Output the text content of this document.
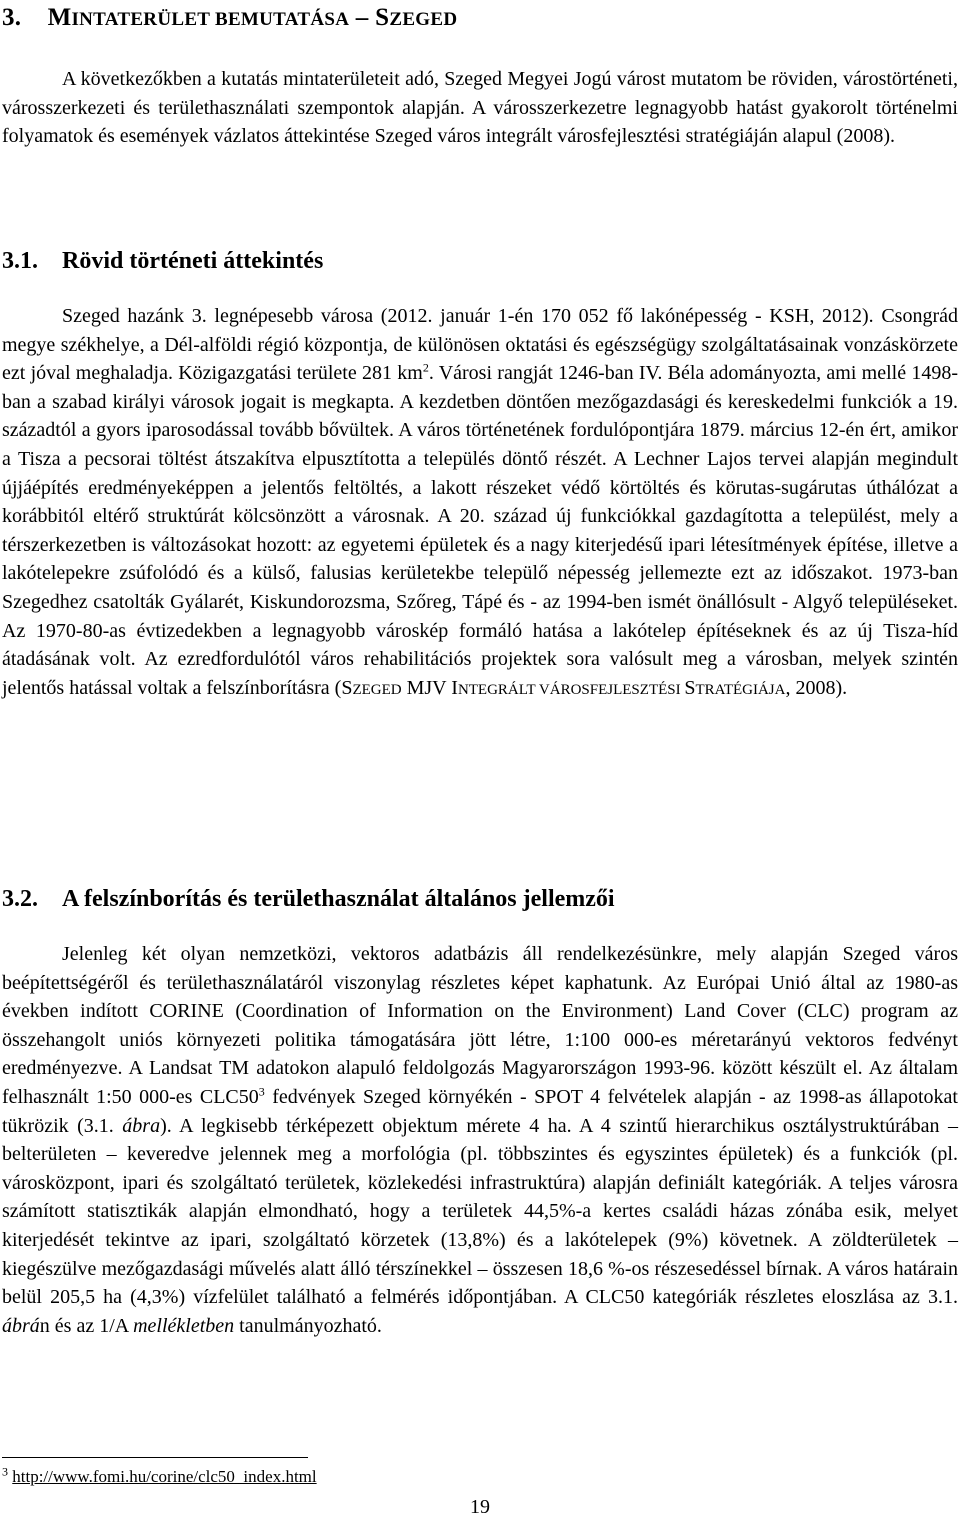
3. MINTATERÜLET BEMUTATÁSA – SZEGED

A következőkben a kutatás mintaterületeit adó, Szeged Megyei Jogú várost mutatom be röviden, várostörténeti, városszerkezeti és területhasználati szempontok alapján. A városszerkezetre legnagyobb hatást gyakorolt történelmi folyamatok és események vázlatos áttekintése Szeged város integrált városfejlesztési stratégiáján alapul (2008).

3.1. Rövid történeti áttekintés

Szeged hazánk 3. legnépesebb városa (2012. január 1-én 170 052 fő lakónépesség - KSH, 2012). Csongrád megye székhelye, a Dél-alföldi régió központja, de különösen oktatási és egészségügy szolgáltatásainak vonzáskörzete ezt jóval meghaladja. Közigazgatási területe 281 $km^2$. Városi rangját 1246-ban IV. Béla adományozta, ami mellé 1498-ban a szabad királyi városok jogait is megkapta. A kezdetben döntően mezőgazdasági és kereskedelmi funkciók a 19. századtól a gyors iparosodással tovább bővültek. A város történetének fordulópontjára 1879. március 12-én ért, amikor a Tisza a pecsorai töltést átszakítva elpusztította a település döntő részét. A Lechner Lajos tervei alapján megindult újjáépítés eredményeképpen a jelentős feltöltés, a lakott részeket védő körtöltés és körutas-sugárutas úthálózat a korábbitól eltérő struktúrát kölcsönzött a városnak. A 20. század új funkciókkal gazdagította a települést, mely a térszerkezetben is változásokat hozott: az egyetemi épületek és a nagy kiterjedésű ipari létesítmények építése, illetve a lakótelepekre zsúfolódó és a külső, falusias kerületekbe települő népesség jellemezte ezt az időszakot. 1973-ban Szegedhez csatolták Gyálarét, Kiskundorozsma, Szőreg, Tápé és - az 1994-ben ismét önállósult - Algyő településeket. Az 1970-80-as évtizedekben a legnagyobb városkép formáló hatása a lakótelep építéseknek és az új Tisza-híd átadásának volt. Az ezredfordulótól város rehabilitációs projektek sora valósult meg a városban, melyek szintén jelentős hatással voltak a felszínborításra (SZEGED MJV INTEGRÁLT VÁROSFEJLESZTÉSI STRATÉGIÁJA, 2008).

3.2. A felszínborítás és területhasználat általános jellemzői

Jelenleg két olyan nemzetközi, vektoros adatbázis áll rendelkezésünkre, mely alapján Szeged város beépítettségéről és területhasználatáról viszonylag részletes képet kaphatunk. Az Európai Unió által az 1980-as években indított CORINE (Coordination of Information on the Environment) Land Cover (CLC) program az összehangolt uniós környezeti politika támogatására jött létre, 1:100 000-es méretarányú vektoros fedvényt eredményezve. A Landsat TM adatokon alapuló feldolgozás Magyarországon 1993-96. között készült el. Az általam felhasznált 1:50 000-es $CLC50^3$ fedvények Szeged környékén - SPOT 4 felvételek alapján - az 1998-as állapotokat tükrözik (3.1. ábra). A legkisebb térképezett objektum mérete 4 ha. A 4 szintű hierarchikus osztálystruktúrában – belterületen – keveredve jelennek meg a morfológia (pl. többszintes és egyszintes épületek) és a funkciók (pl. városközpont, ipari és szolgáltató területek, közlekedési infrastruktúra) alapján definiált kategóriák. A teljes városra számított statisztikák alapján elmondható, hogy a területek 44,5%-a kertes családi házas zónába esik, melyet kiterjedését tekintve az ipari, szolgáltató körzetek (13,8%) és a lakótelepek (9%) követnek. A zöldterületek – kiegészülve mezőgazdasági művelés alatt álló térszínekkel – összesen 18,6 %-os részesedéssel bírnak. A város határain belül 205,5 ha (4,3%) vízfelület található a felmérés időpontjában. A CLC50 kategóriák részletes eloszlása az 3.1. ábrán és az 1/A mellékletben tanulmányozható.

$^3$ http://www.fomi.hu/corine/clc50_index.html
19
